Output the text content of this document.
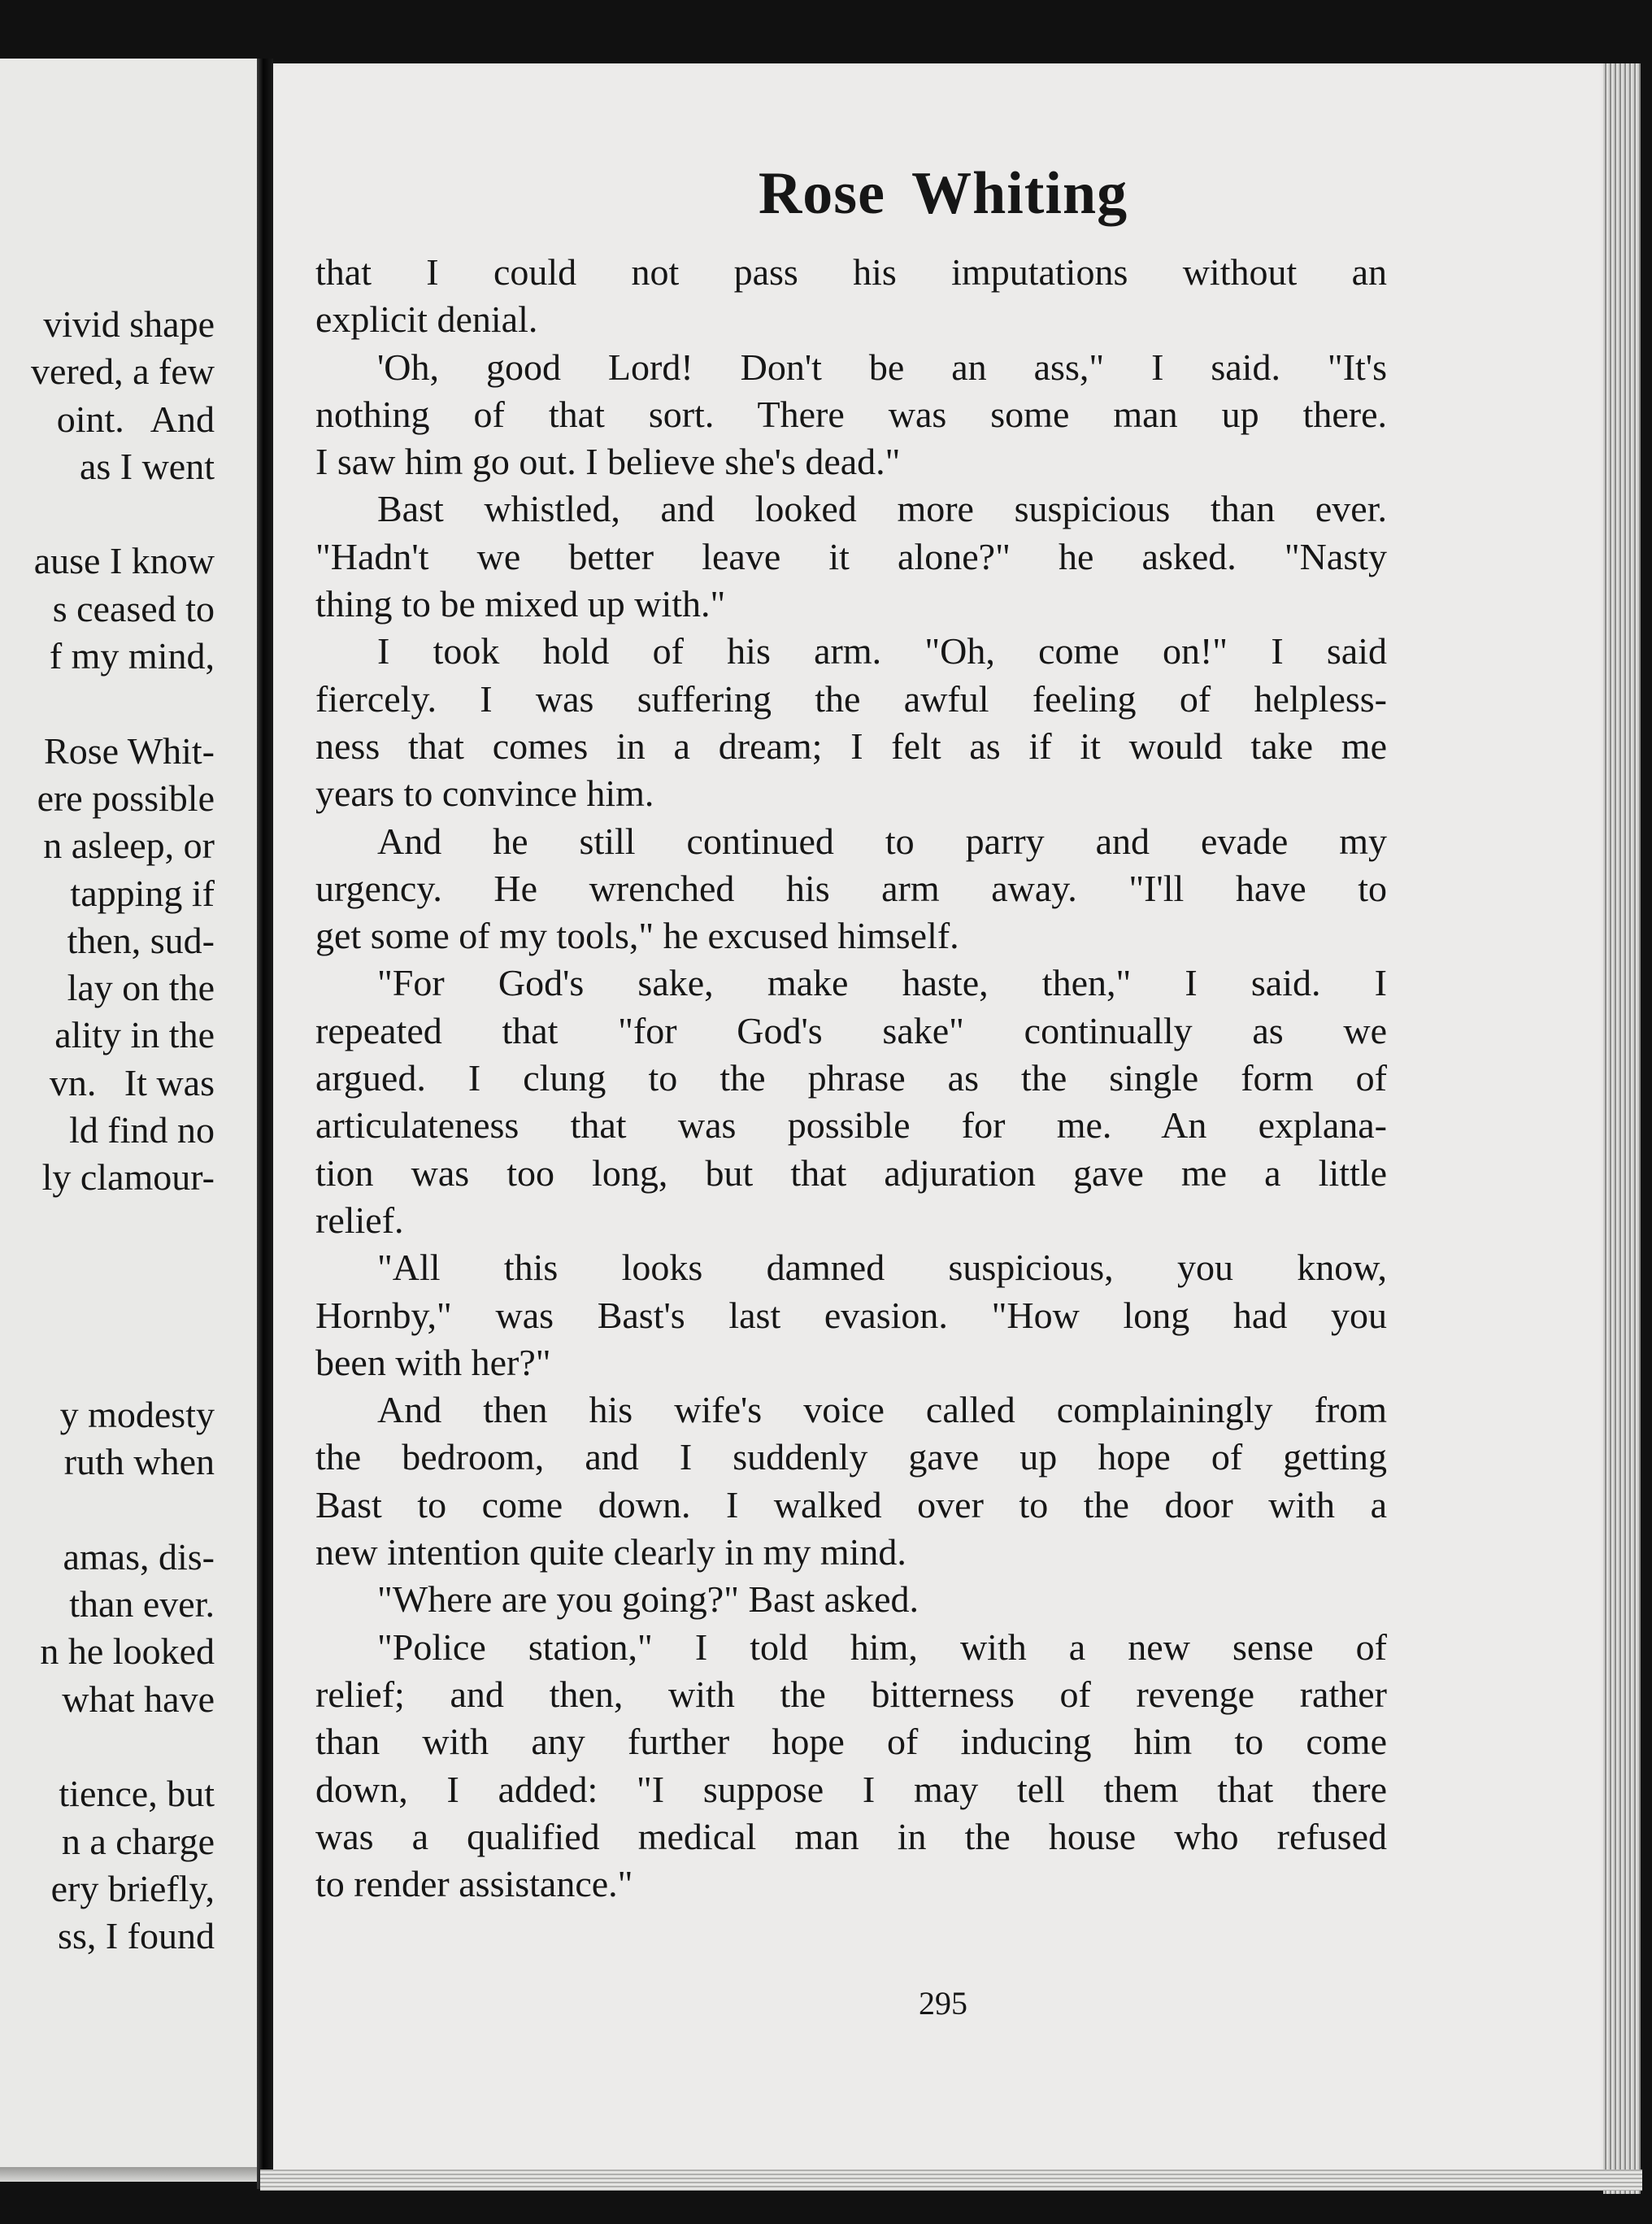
vivid shape
vered, a few
oint.   And
as I went
ause I know
s ceased to
f my mind,
Rose Whit-
ere possible
n asleep, or
tapping if
then, sud-
lay on the
ality in the
vn.   It was
ld find no
ly clamour-
y modesty
ruth when
amas, dis-
than ever.
n he looked
what have
tience, but
n a charge
ery briefly,
ss, I found
Rose Whiting
that I could not pass his imputations without an
explicit denial.
'Oh, good Lord! Don't be an ass," I said. "It's
nothing of that sort. There was some man up there.
I saw him go out. I believe she's dead."
Bast whistled, and looked more suspicious than ever.
"Hadn't we better leave it alone?" he asked. "Nasty
thing to be mixed up with."
I took hold of his arm. "Oh, come on!" I said
fiercely. I was suffering the awful feeling of helpless-
ness that comes in a dream; I felt as if it would take me
years to convince him.
And he still continued to parry and evade my
urgency. He wrenched his arm away. "I'll have to
get some of my tools," he excused himself.
"For God's sake, make haste, then," I said. I
repeated that "for God's sake" continually as we
argued. I clung to the phrase as the single form of
articulateness that was possible for me. An explana-
tion was too long, but that adjuration gave me a little
relief.
"All this looks damned suspicious, you know,
Hornby," was Bast's last evasion. "How long had you
been with her?"
And then his wife's voice called complainingly from
the bedroom, and I suddenly gave up hope of getting
Bast to come down. I walked over to the door with a
new intention quite clearly in my mind.
"Where are you going?" Bast asked.
"Police station," I told him, with a new sense of
relief; and then, with the bitterness of revenge rather
than with any further hope of inducing him to come
down, I added: "I suppose I may tell them that there
was a qualified medical man in the house who refused
to render assistance."
295
